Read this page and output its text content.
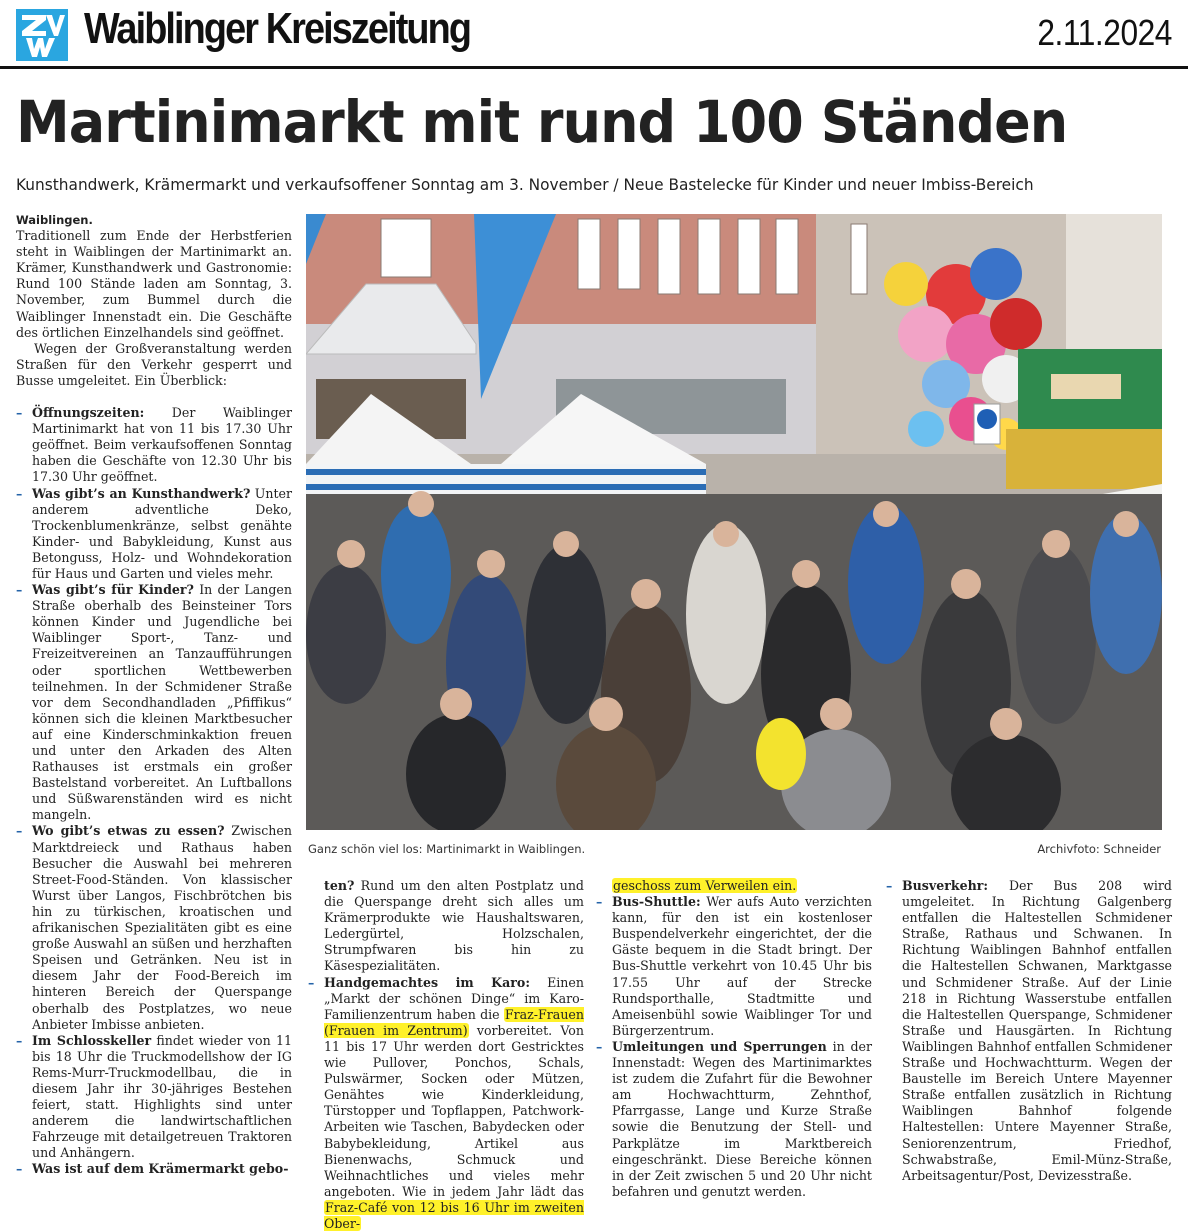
Waiblinger Kreiszeitung	2.11.2024
Martinimarkt mit rund 100 Ständen
Kunsthandwerk, Krämermarkt und verkaufsoffener Sonntag am 3. November / Neue Bastelecke für Kinder und neuer Imbiss-Bereich
Waiblingen.

Traditionell zum Ende der Herbstferien steht in Waiblingen der Martinimarkt an. Krämer, Kunsthandwerk und Gastronomie: Rund 100 Stände laden am Sonntag, 3. November, zum Bummel durch die Waiblinger Innenstadt ein. Die Geschäfte des örtlichen Einzelhandels sind geöffnet.

Wegen der Großveranstaltung werden Straßen für den Verkehr gesperrt und Busse umgeleitet. Ein Überblick:

– Öffnungszeiten: Der Waiblinger Martinimarkt hat von 11 bis 17.30 Uhr geöffnet. Beim verkaufsoffenen Sonntag haben die Geschäfte von 12.30 Uhr bis 17.30 Uhr geöffnet.

– Was gibt’s an Kunsthandwerk? Unter anderem adventliche Deko, Trockenblumenkränze, selbst genähte Kinder- und Babykleidung, Kunst aus Betonguss, Holz- und Wohndekoration für Haus und Garten und vieles mehr.

– Was gibt’s für Kinder? In der Langen Straße oberhalb des Beinsteiner Tors können Kinder und Jugendliche bei Waiblinger Sport-, Tanz- und Freizeitvereinen an Tanzaufführungen oder sportlichen Wettbewerben teilnehmen. In der Schmidener Straße vor dem Secondhandladen „Pfiffikus“ können sich die kleinen Marktbesucher auf eine Kinderschminkaktion freuen und unter den Arkaden des Alten Rathauses ist erstmals ein großer Bastelstand vorbereitet. An Luftballons und Süßwarenständen wird es nicht mangeln.

– Wo gibt’s etwas zu essen? Zwischen Marktdreieck und Rathaus haben Besucher die Auswahl bei mehreren Street-Food-Ständen. Von klassischer Wurst über Langos, Fischbrötchen bis hin zu türkischen, kroatischen und afrikanischen Spezialitäten gibt es eine große Auswahl an süßen und herzhaften Speisen und Getränken. Neu ist in diesem Jahr der Food-Bereich im hinteren Bereich der Querspange oberhalb des Postplatzes, wo neue Anbieter Imbisse anbieten.

– Im Schlosskeller findet wieder von 11 bis 18 Uhr die Truckmodellshow der IG Rems-Murr-Truckmodellbau, die in diesem Jahr ihr 30-jähriges Bestehen feiert, statt. Highlights sind unter anderem die landwirtschaftlichen Fahrzeuge mit detailgetreuen Traktoren und Anhängern.

– Was ist auf dem Krämermarkt gebo-

Ganz schön viel los: Martinimarkt in Waiblingen.	Archivfoto: Schneider

ten? Rund um den alten Postplatz und die Querspange dreht sich alles um Krämerprodukte wie Haushaltswaren, Ledergürtel, Holzschalen, Strumpfwaren bis hin zu Käsespezialitäten.

– Handgemachtes im Karo: Einen „Markt der schönen Dinge“ im Karo-Familienzentrum haben die Fraz-Frauen (Frauen im Zentrum) vorbereitet. Von 11 bis 17 Uhr werden dort Gestricktes wie Pullover, Ponchos, Schals, Pulswärmer, Socken oder Mützen, Genähtes wie Kinderkleidung, Türstopper und Topflappen, Patchwork-Arbeiten wie Taschen, Babydecken oder Babybekleidung, Artikel aus Bienenwachs, Schmuck und Weihnachtliches und vieles mehr angeboten. Wie in jedem Jahr lädt das Fraz-Café von 12 bis 16 Uhr im zweiten Ober-

geschoss zum Verweilen ein.

– Bus-Shuttle: Wer aufs Auto verzichten kann, für den ist ein kostenloser Buspendelverkehr eingerichtet, der die Gäste bequem in die Stadt bringt. Der Bus-Shuttle verkehrt von 10.45 Uhr bis 17.55 Uhr auf der Strecke Rundsporthalle, Stadtmitte und Ameisenbühl sowie Waiblinger Tor und Bürgerzentrum.

– Umleitungen und Sperrungen in der Innenstadt: Wegen des Martinimarktes ist zudem die Zufahrt für die Bewohner am Hochwachtturm, Zehnthof, Pfarrgasse, Lange und Kurze Straße sowie die Benutzung der Stell- und Parkplätze im Marktbereich eingeschränkt. Diese Bereiche können in der Zeit zwischen 5 und 20 Uhr nicht befahren und genutzt werden.

– Busverkehr: Der Bus 208 wird umgeleitet. In Richtung Galgenberg entfallen die Haltestellen Schmidener Straße, Rathaus und Schwanen. In Richtung Waiblingen Bahnhof entfallen die Haltestellen Schwanen, Marktgasse und Schmidener Straße. Auf der Linie 218 in Richtung Wasserstube entfallen die Haltestellen Querspange, Schmidener Straße und Hausgärten. In Richtung Waiblingen Bahnhof entfallen Schmidener Straße und Hochwachtturm. Wegen der Baustelle im Bereich Untere Mayenner Straße entfallen zusätzlich in Richtung Waiblingen Bahnhof folgende Haltestellen: Untere Mayenner Straße, Seniorenzentrum, Friedhof, Schwabstraße, Emil-Münz-Straße, Arbeitsagentur/Post, Devizesstraße.
